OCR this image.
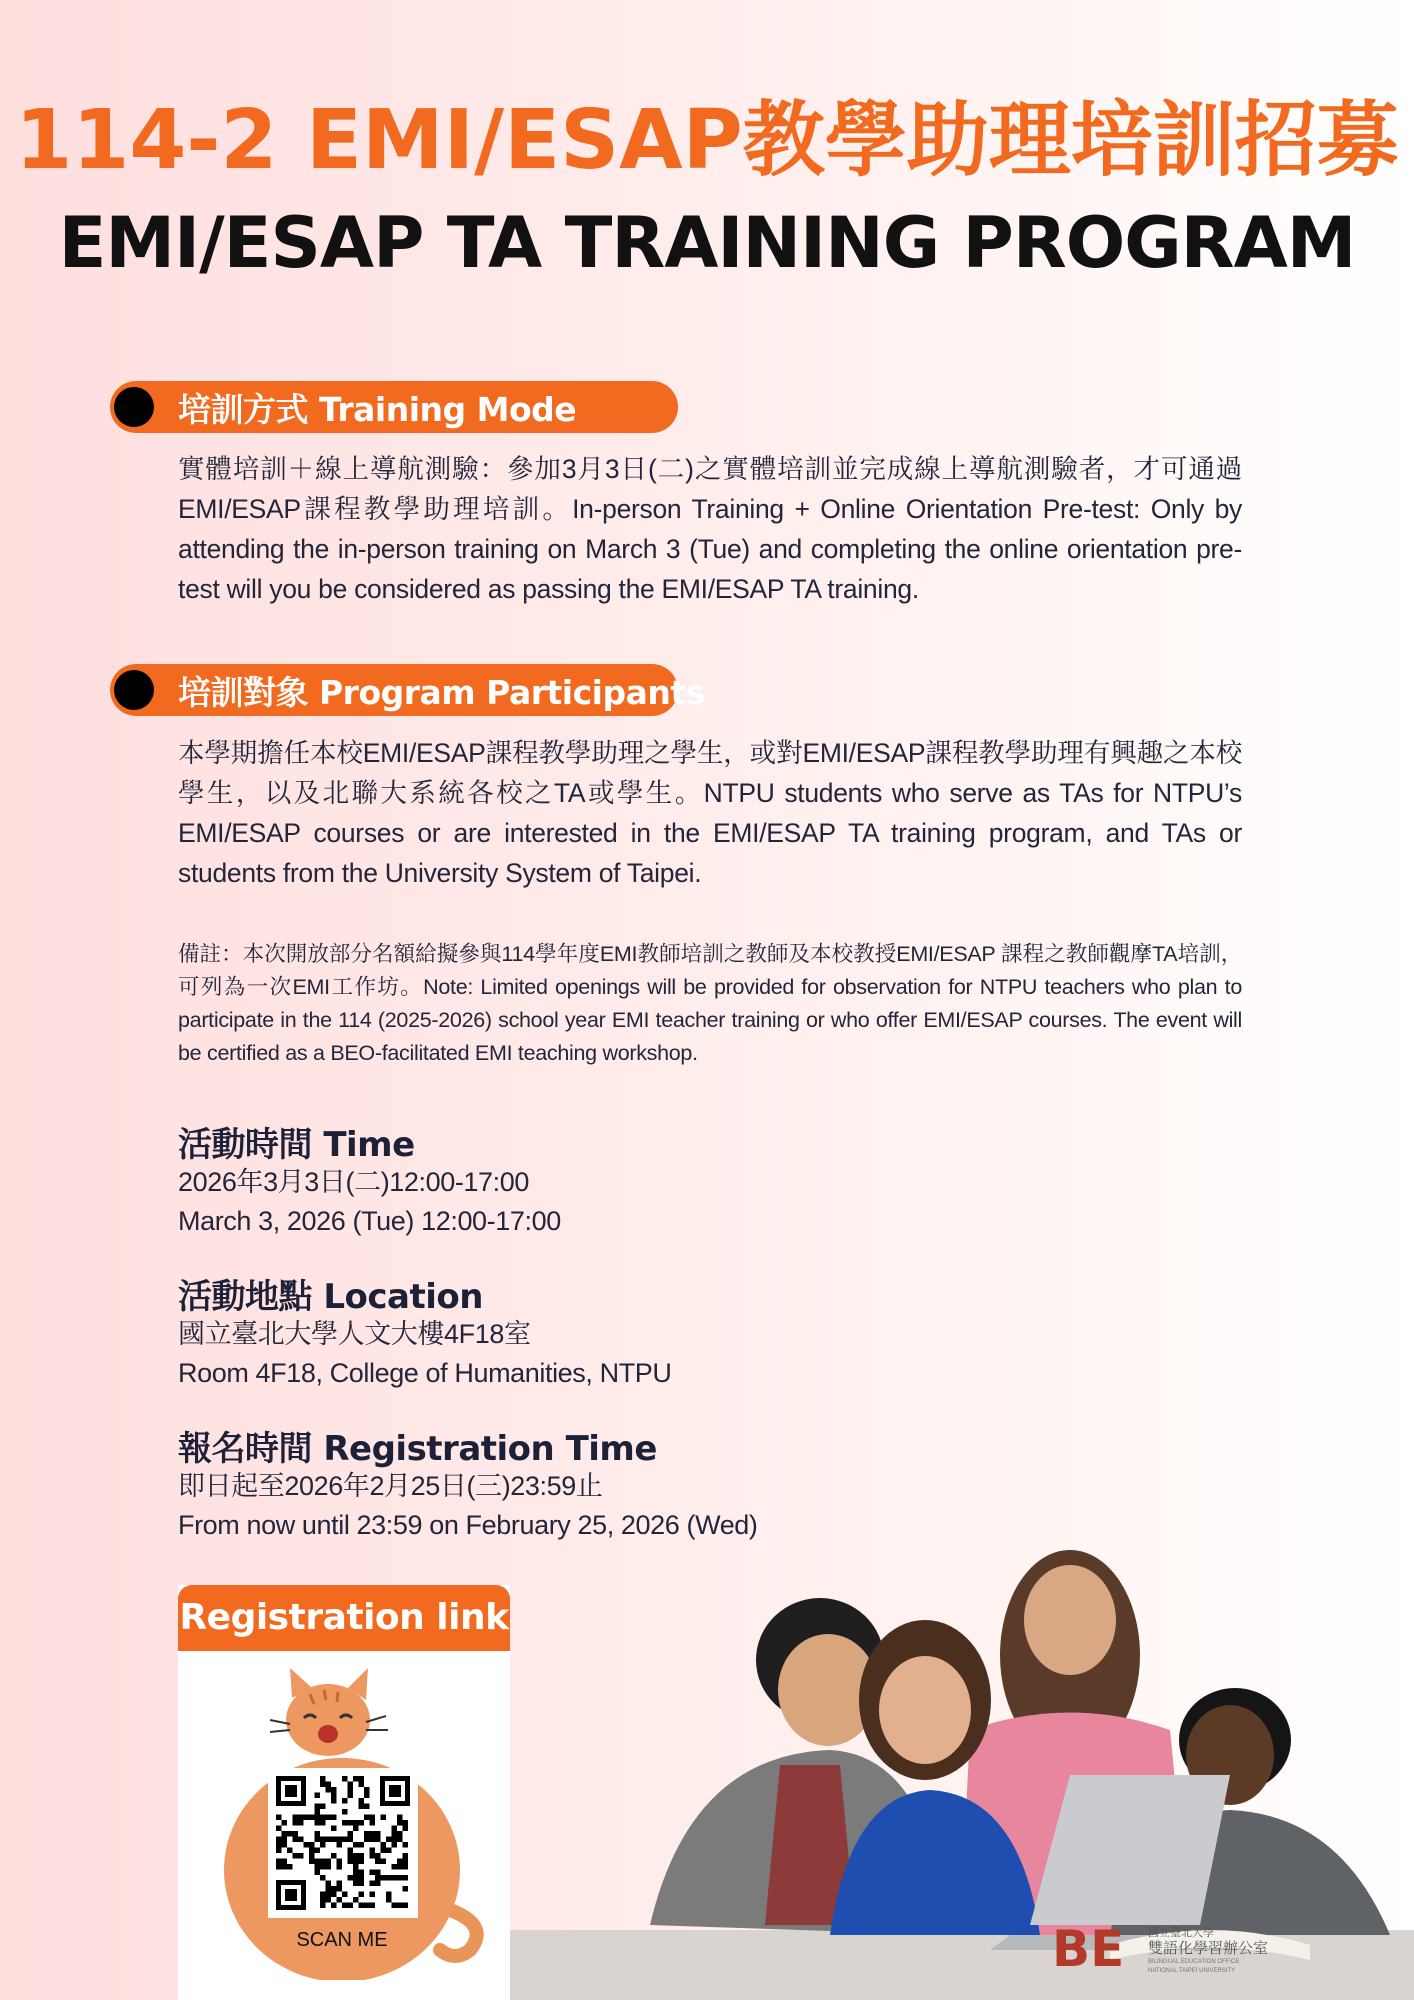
114-2 EMI/ESAP教學助理培訓招募
EMI/ESAP TA TRAINING PROGRAM
培訓方式 Training Mode
實體培訓＋線上導航測驗：參加3月3日(二)之實體培訓並完成線上導航測驗者，才可通過EMI/ESAP課程教學助理培訓。In-person Training + Online Orientation Pre-test: Only by attending the in-person training on March 3 (Tue) and completing the online orientation pre-test will you be considered as passing the EMI/ESAP TA training.
培訓對象 Program Participants
本學期擔任本校EMI/ESAP課程教學助理之學生，或對EMI/ESAP課程教學助理有興趣之本校學生，以及北聯大系統各校之TA或學生。NTPU students who serve as TAs for NTPU’s EMI/ESAP courses or are interested in the EMI/ESAP TA training program, and TAs or students from the University System of Taipei.
備註：本次開放部分名額給擬參與114學年度EMI教師培訓之教師及本校教授EMI/ESAP 課程之教師觀摩TA培訓，可列為一次EMI工作坊。Note: Limited openings will be provided for observation for NTPU teachers who plan to participate in the 114 (2025-2026) school year EMI teacher training or who offer EMI/ESAP courses. The event will be certified as a BEO-facilitated EMI teaching workshop.
活動時間 Time
2026年3月3日(二)12:00-17:00
March 3, 2026 (Tue) 12:00-17:00
活動地點 Location
國立臺北大學人文大樓4F18室
Room 4F18, College of Humanities, NTPU
報名時間 Registration Time
即日起至2026年2月25日(三)23:59止
From now until 23:59 on February 25, 2026 (Wed)
Registration link
SCAN ME	BE 國立臺北大學
雙語化學習辦公室
BILINGUAL EDUCATION OFFICE
NATIONAL TAIPEI UNIVERSITY
